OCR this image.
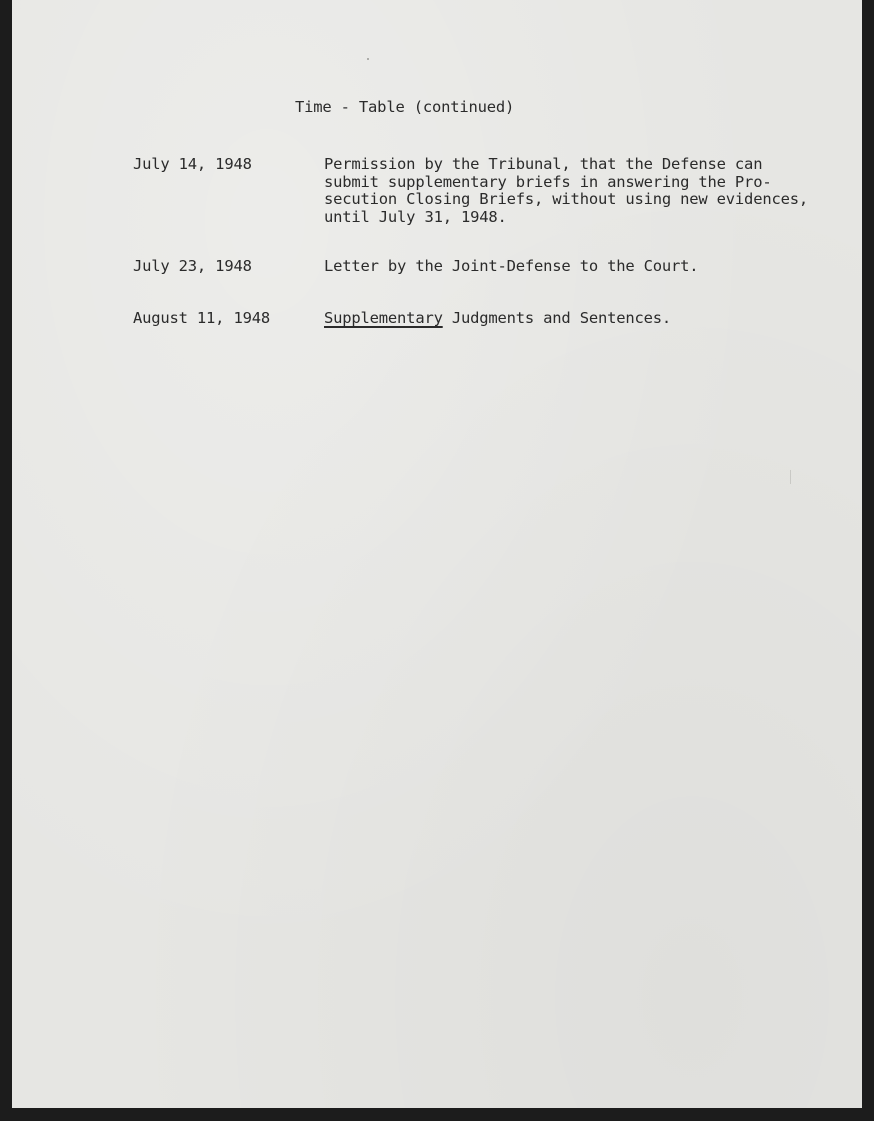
Time - Table (continued)
July 14, 1948	Permission by the Tribunal, that the Defense can
submit supplementary briefs in answering the Pro-
secution Closing Briefs, without using new evidences,
until July 31, 1948.
July 23, 1948	Letter by the Joint-Defense to the Court.
August 11, 1948	Supplementary Judgments and Sentences.
